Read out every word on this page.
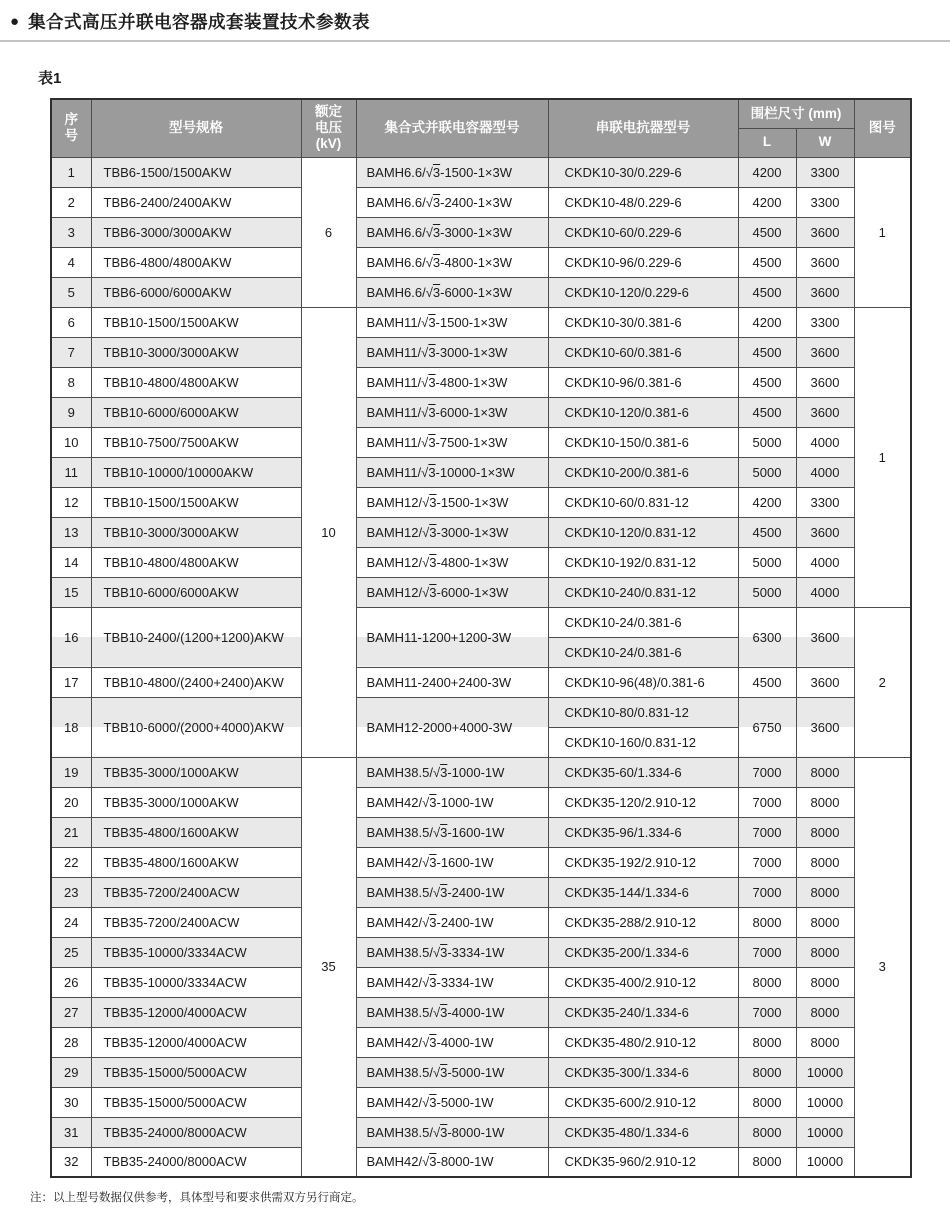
● 集合式高压并联电容器成套装置技术参数表
表1
序
号	型号规格	额定
电压
(kV)	集合式并联电容器型号	串联电抗器型号	围栏尺寸 (mm)		图号
					L	W	
1	TBB6-1500/1500AKW	6	BAMH6.6/√3-1500-1×3W	CKDK10-30/0.229-6	4200	3300	1
2	TBB6-2400/2400AKW		BAMH6.6/√3-2400-1×3W	CKDK10-48/0.229-6	4200	3300	
3	TBB6-3000/3000AKW		BAMH6.6/√3-3000-1×3W	CKDK10-60/0.229-6	4500	3600	
4	TBB6-4800/4800AKW		BAMH6.6/√3-4800-1×3W	CKDK10-96/0.229-6	4500	3600	
5	TBB6-6000/6000AKW		BAMH6.6/√3-6000-1×3W	CKDK10-120/0.229-6	4500	3600	
6	TBB10-1500/1500AKW	10	BAMH11/√3-1500-1×3W	CKDK10-30/0.381-6	4200	3300	1
7	TBB10-3000/3000AKW		BAMH11/√3-3000-1×3W	CKDK10-60/0.381-6	4500	3600	
8	TBB10-4800/4800AKW		BAMH11/√3-4800-1×3W	CKDK10-96/0.381-6	4500	3600	
9	TBB10-6000/6000AKW		BAMH11/√3-6000-1×3W	CKDK10-120/0.381-6	4500	3600	
10	TBB10-7500/7500AKW		BAMH11/√3-7500-1×3W	CKDK10-150/0.381-6	5000	4000	
11	TBB10-10000/10000AKW		BAMH11/√3-10000-1×3W	CKDK10-200/0.381-6	5000	4000	
12	TBB10-1500/1500AKW		BAMH12/√3-1500-1×3W	CKDK10-60/0.831-12	4200	3300	
13	TBB10-3000/3000AKW		BAMH12/√3-3000-1×3W	CKDK10-120/0.831-12	4500	3600	
14	TBB10-4800/4800AKW		BAMH12/√3-4800-1×3W	CKDK10-192/0.831-12	5000	4000	
15	TBB10-6000/6000AKW		BAMH12/√3-6000-1×3W	CKDK10-240/0.831-12	5000	4000	
16	TBB10-2400/(1200+1200)AKW		BAMH11-1200+1200-3W	CKDK10-24/0.381-6	6300	3600	2
				CKDK10-24/0.381-6			
17	TBB10-4800/(2400+2400)AKW		BAMH11-2400+2400-3W	CKDK10-96(48)/0.381-6	4500	3600	
18	TBB10-6000/(2000+4000)AKW		BAMH12-2000+4000-3W	CKDK10-80/0.831-12	6750	3600	
				CKDK10-160/0.831-12			
19	TBB35-3000/1000AKW	35	BAMH38.5/√3-1000-1W	CKDK35-60/1.334-6	7000	8000	3
20	TBB35-3000/1000AKW		BAMH42/√3-1000-1W	CKDK35-120/2.910-12	7000	8000	
21	TBB35-4800/1600AKW		BAMH38.5/√3-1600-1W	CKDK35-96/1.334-6	7000	8000	
22	TBB35-4800/1600AKW		BAMH42/√3-1600-1W	CKDK35-192/2.910-12	7000	8000	
23	TBB35-7200/2400ACW		BAMH38.5/√3-2400-1W	CKDK35-144/1.334-6	7000	8000	
24	TBB35-7200/2400ACW		BAMH42/√3-2400-1W	CKDK35-288/2.910-12	8000	8000	
25	TBB35-10000/3334ACW		BAMH38.5/√3-3334-1W	CKDK35-200/1.334-6	7000	8000	
26	TBB35-10000/3334ACW		BAMH42/√3-3334-1W	CKDK35-400/2.910-12	8000	8000	
27	TBB35-12000/4000ACW		BAMH38.5/√3-4000-1W	CKDK35-240/1.334-6	7000	8000	
28	TBB35-12000/4000ACW		BAMH42/√3-4000-1W	CKDK35-480/2.910-12	8000	8000	
29	TBB35-15000/5000ACW		BAMH38.5/√3-5000-1W	CKDK35-300/1.334-6	8000	10000	
30	TBB35-15000/5000ACW		BAMH42/√3-5000-1W	CKDK35-600/2.910-12	8000	10000	
31	TBB35-24000/8000ACW		BAMH38.5/√3-8000-1W	CKDK35-480/1.334-6	8000	10000	
32	TBB35-24000/8000ACW		BAMH42/√3-8000-1W	CKDK35-960/2.910-12	8000	10000	
注：以上型号数据仅供参考，具体型号和要求供需双方另行商定。
